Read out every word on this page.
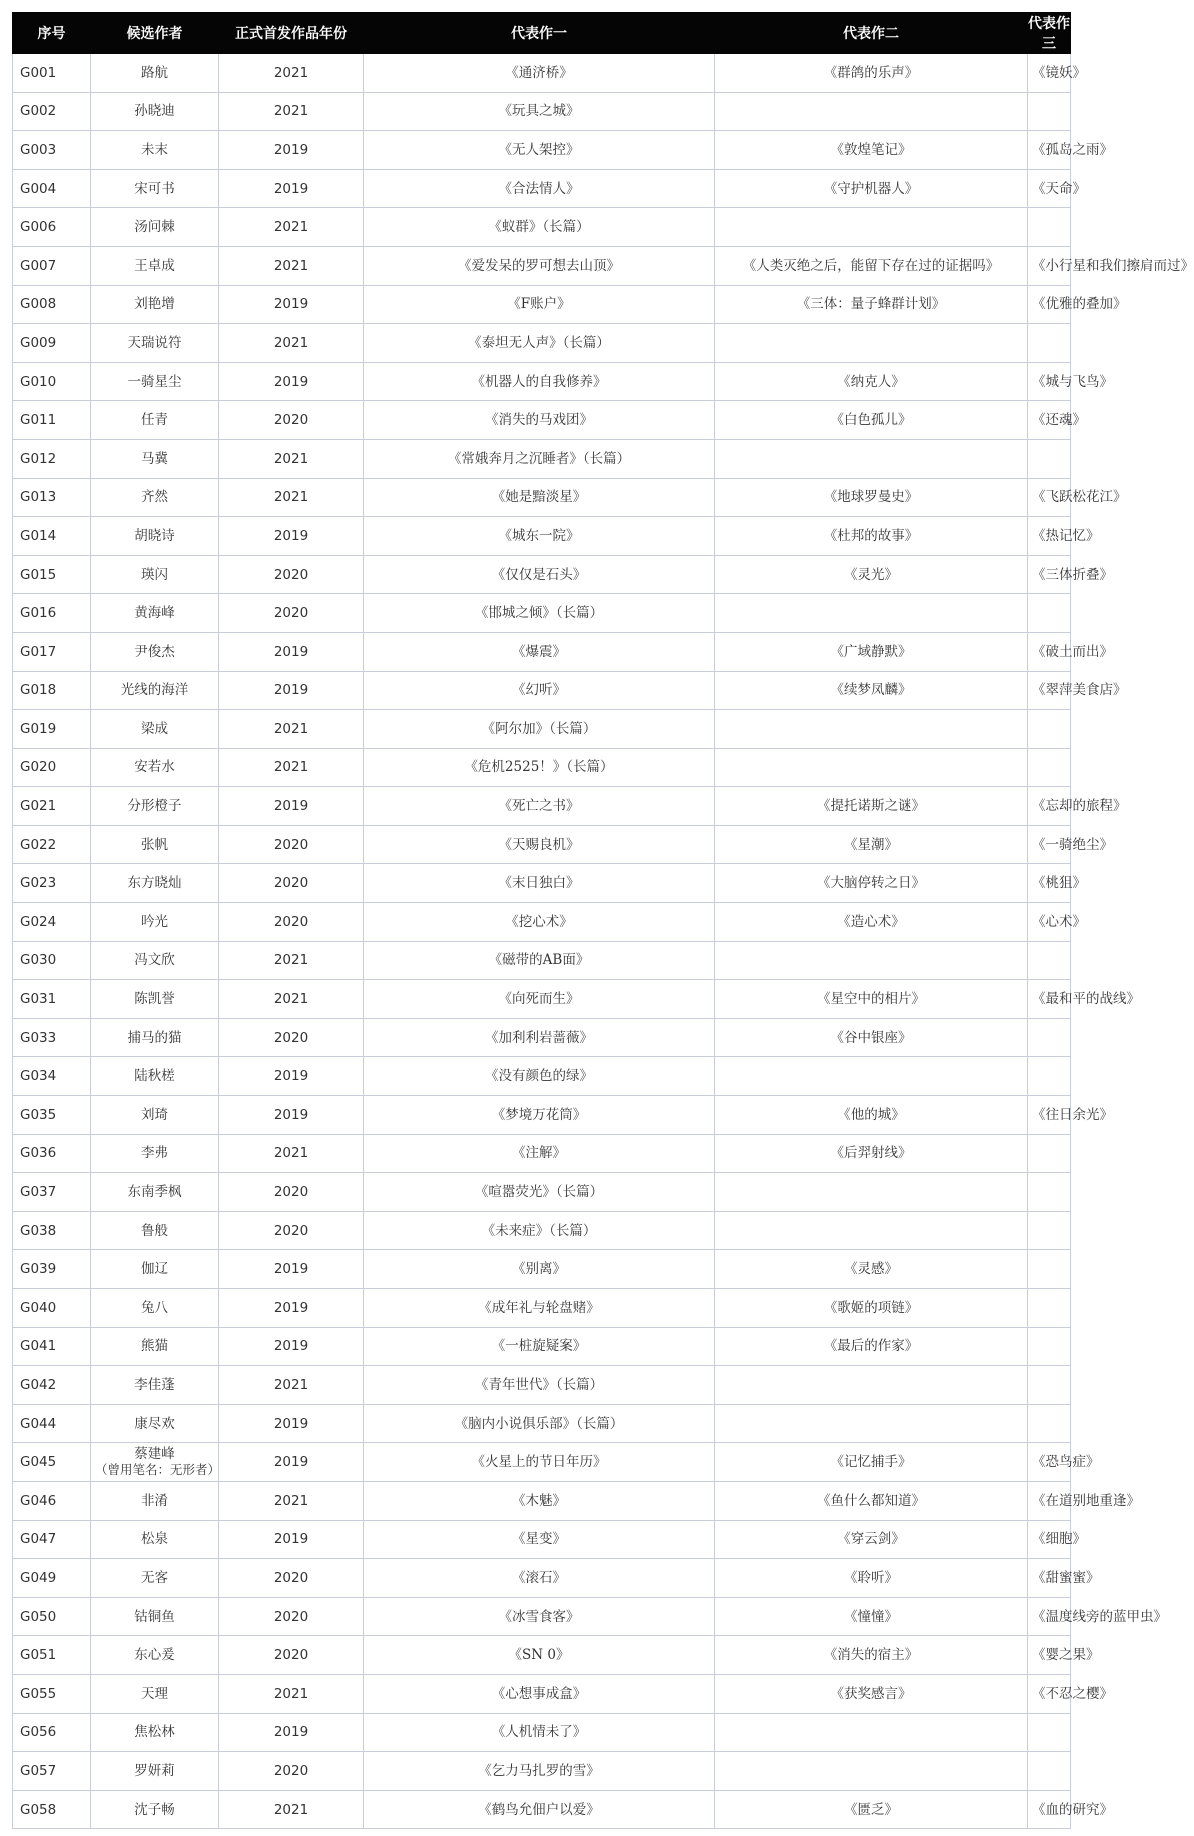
序号	候选作者	正式首发作品年份	代表作一	代表作二	代表作三
G001	路航	2021	《通济桥》	《群鸽的乐声》	《镜妖》
G002	孙晓迪	2021	《玩具之城》		
G003	未末	2019	《无人架控》	《敦煌笔记》	《孤岛之雨》
G004	宋可书	2019	《合法情人》	《守护机器人》	《天命》
G006	汤问棘	2021	《蚁群》（长篇）		
G007	王卓成	2021	《爱发呆的罗可想去山顶》	《人类灭绝之后，能留下存在过的证据吗》	《小行星和我们擦肩而过》
G008	刘艳增	2019	《F账户》	《三体：量子蜂群计划》	《优雅的叠加》
G009	天瑞说符	2021	《泰坦无人声》（长篇）		
G010	一骑星尘	2019	《机器人的自我修养》	《纳克人》	《城与飞鸟》
G011	任青	2020	《消失的马戏团》	《白色孤儿》	《还魂》
G012	马冀	2021	《常娥奔月之沉睡者》（长篇）		
G013	齐然	2021	《她是黯淡星》	《地球罗曼史》	《飞跃松花江》
G014	胡晓诗	2019	《城东一院》	《杜邦的故事》	《热记忆》
G015	瑛闪	2020	《仅仅是石头》	《灵光》	《三体折叠》
G016	黄海峰	2020	《邯城之倾》（长篇）		
G017	尹俊杰	2019	《爆震》	《广域静默》	《破土而出》
G018	光线的海洋	2019	《幻听》	《续梦凤麟》	《翠萍美食店》
G019	梁成	2021	《阿尔加》（长篇）		
G020	安若水	2021	《危机2525！》（长篇）		
G021	分形橙子	2019	《死亡之书》	《提托诺斯之谜》	《忘却的旅程》
G022	张帆	2020	《天赐良机》	《星潮》	《一骑绝尘》
G023	东方晓灿	2020	《末日独白》	《大脑停转之日》	《桃狙》
G024	吟光	2020	《挖心术》	《造心术》	《心术》
G030	冯文欣	2021	《磁带的AB面》		
G031	陈凯誉	2021	《向死而生》	《星空中的相片》	《最和平的战线》
G033	捕马的猫	2020	《加利利岩蔷薇》	《谷中银座》	
G034	陆秋槎	2019	《没有颜色的绿》		
G035	刘琦	2019	《梦境万花筒》	《他的城》	《往日余光》
G036	李弗	2021	《注解》	《后羿射线》	
G037	东南季枫	2020	《喧嚣荧光》（长篇）		
G038	鲁般	2020	《未来症》（长篇）		
G039	伽辽	2019	《别离》	《灵感》	
G040	兔八	2019	《成年礼与轮盘赌》	《歌姬的项链》	
G041	熊猫	2019	《一桩旋疑案》	《最后的作家》	
G042	李佳蓬	2021	《青年世代》（长篇）		
G044	康尽欢	2019	《脑内小说俱乐部》（长篇）		
G045	蔡建峰
（曾用笔名：无形者）	2019	《火星上的节日年历》	《记忆捕手》	《恐鸟症》
G046	非淆	2021	《木魅》	《鱼什么都知道》	《在道别地重逢》
G047	松泉	2019	《星变》	《穿云剑》	《细胞》
G049	无客	2020	《滚石》	《聆听》	《甜蜜蜜》
G050	钴铜鱼	2020	《冰雪食客》	《憧憧》	《温度线旁的蓝甲虫》
G051	东心爰	2020	《SN 0》	《消失的宿主》	《婴之果》
G055	天理	2021	《心想事成盒》	《获奖感言》	《不忍之樱》
G056	焦松林	2019	《人机情未了》		
G057	罗妍莉	2020	《乞力马扎罗的雪》		
G058	沈子畅	2021	《鹤鸟允佃户以爱》	《匮乏》	《血的研究》
